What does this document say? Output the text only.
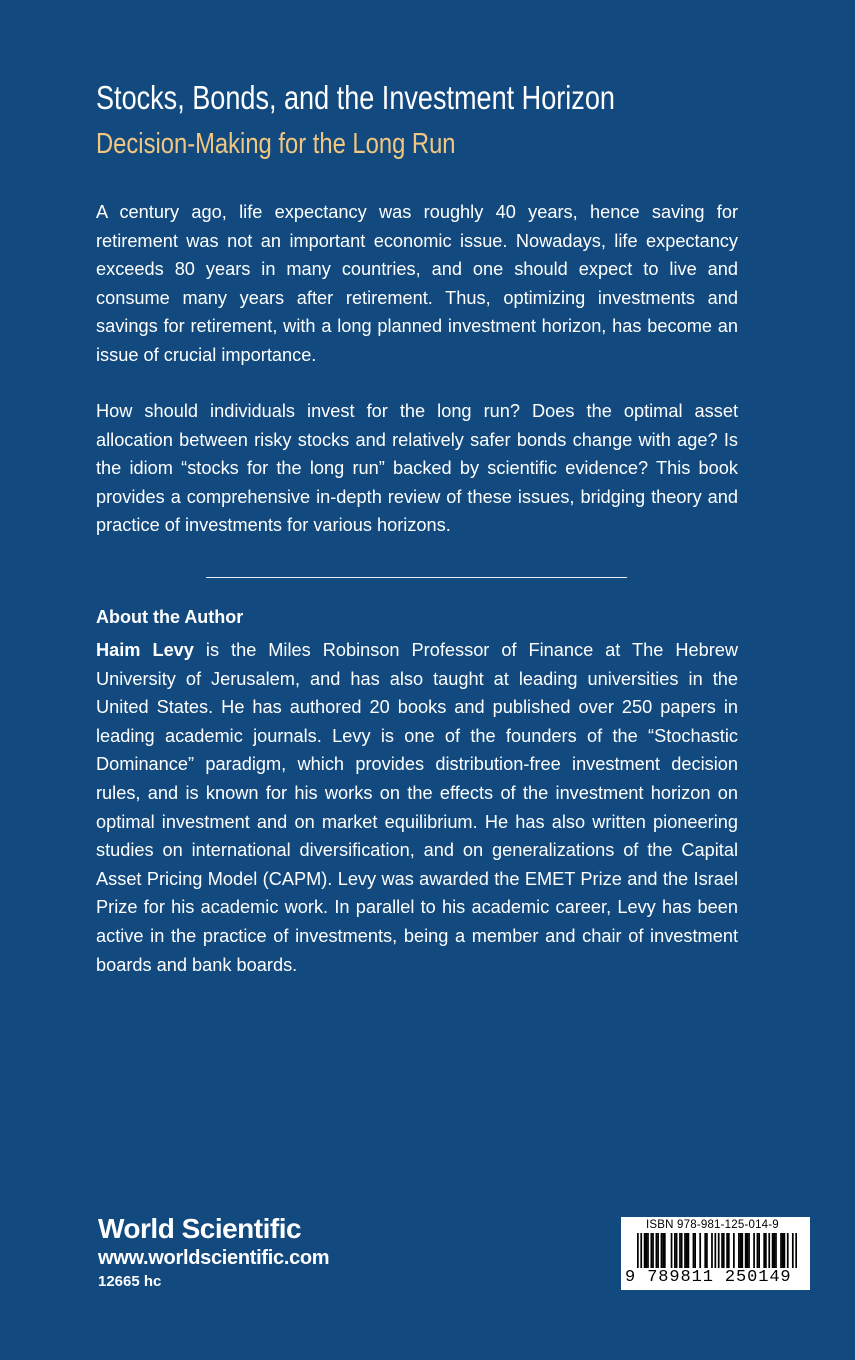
Stocks, Bonds, and the Investment Horizon
Decision-Making for the Long Run
A century ago, life expectancy was roughly 40 years, hence saving for retirement was not an important economic issue. Nowadays, life expectancy exceeds 80 years in many countries, and one should expect to live and consume many years after retirement. Thus, optimizing investments and savings for retirement, with a long planned investment horizon, has become an issue of crucial importance.
How should individuals invest for the long run? Does the optimal asset allocation between risky stocks and relatively safer bonds change with age? Is the idiom “stocks for the long run” backed by scientific evidence? This book provides a comprehensive in-depth review of these issues, bridging theory and practice of investments for various horizons.
About the Author
Haim Levy is the Miles Robinson Professor of Finance at The Hebrew University of Jerusalem, and has also taught at leading universities in the United States. He has authored 20 books and published over 250 papers in leading academic journals. Levy is one of the founders of the “Stochastic Dominance” paradigm, which provides distribution-free investment decision rules, and is known for his works on the effects of the investment horizon on optimal investment and on market equilibrium. He has also written pioneering studies on international diversification, and on generalizations of the Capital Asset Pricing Model (CAPM). Levy was awarded the EMET Prize and the Israel Prize for his academic work. In parallel to his academic career, Levy has been active in the practice of investments, being a member and chair of investment boards and bank boards.
World Scientific
www.worldscientific.com
12665 hc
ISBN 978-981-125-014-9
9 789811 250149
